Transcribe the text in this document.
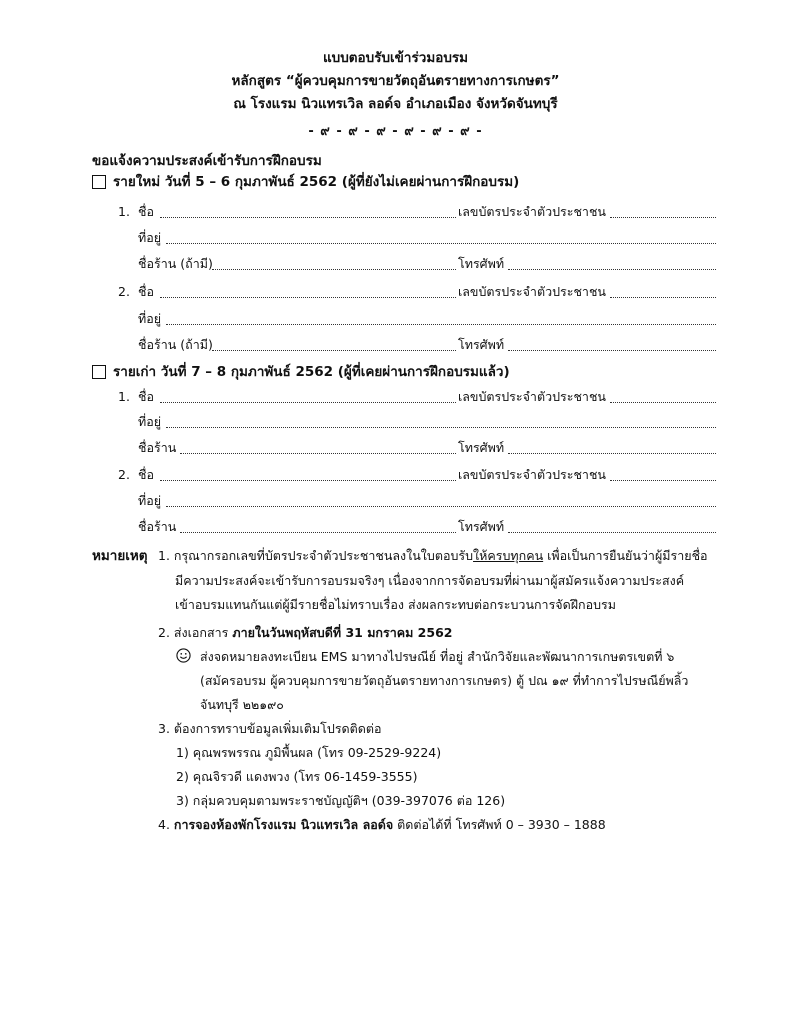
แบบตอบรับเข้าร่วมอบรม
หลักสูตร “ผู้ควบคุมการขายวัตถุอันตรายทางการเกษตร”
ณ โรงแรม นิวแทรเวิล ลอด์จ อำเภอเมือง จังหวัดจันทบุรี
- ๙ - ๙ - ๙ - ๙ - ๙ - ๙ -
ขอแจ้งความประสงค์เข้ารับการฝึกอบรม
รายใหม่ วันที่ 5 – 6 กุมภาพันธ์ 2562 (ผู้ที่ยังไม่เคยผ่านการฝึกอบรม)
1. ชื่อ	เลขบัตรประจำตัวประชาชน
ที่อยู่
ชื่อร้าน (ถ้ามี)	โทรศัพท์
2. ชื่อ	เลขบัตรประจำตัวประชาชน
ที่อยู่
ชื่อร้าน (ถ้ามี)	โทรศัพท์
รายเก่า วันที่ 7 – 8 กุมภาพันธ์ 2562 (ผู้ที่เคยผ่านการฝึกอบรมแล้ว)
1. ชื่อ	เลขบัตรประจำตัวประชาชน
ที่อยู่
ชื่อร้าน	โทรศัพท์
2. ชื่อ	เลขบัตรประจำตัวประชาชน
ที่อยู่
ชื่อร้าน	โทรศัพท์
หมายเหตุ 1. กรุณากรอกเลขที่บัตรประจำตัวประชาชนลงในใบตอบรับให้ครบทุกคน เพื่อเป็นการยืนยันว่าผู้มีรายชื่อ
มีความประสงค์จะเข้ารับการอบรมจริงๆ เนื่องจากการจัดอบรมที่ผ่านมาผู้สมัครแจ้งความประสงค์
เข้าอบรมแทนกันแต่ผู้มีรายชื่อไม่ทราบเรื่อง ส่งผลกระทบต่อกระบวนการจัดฝึกอบรม
2. ส่งเอกสาร ภายในวันพฤหัสบดีที่ 31 มกราคม 2562
ส่งจดหมายลงทะเบียน EMS มาทางไปรษณีย์ ที่อยู่ สำนักวิจัยและพัฒนาการเกษตรเขตที่ ๖
(สมัครอบรม ผู้ควบคุมการขายวัตถุอันตรายทางการเกษตร) ตู้ ปณ ๑๙ ที่ทำการไปรษณีย์พลิ้ว
จันทบุรี ๒๒๑๙๐
3. ต้องการทราบข้อมูลเพิ่มเติมโปรดติดต่อ
1) คุณพรพรรณ ภูมิพื้นผล (โทร 09-2529-9224)
2) คุณจิรวดี แดงพวง (โทร 06-1459-3555)
3) กลุ่มควบคุมตามพระราชบัญญัติฯ (039-397076 ต่อ 126)
4. การจองห้องพักโรงแรม นิวแทรเวิล ลอด์จ ติดต่อได้ที่ โทรศัพท์ 0 – 3930 – 1888
